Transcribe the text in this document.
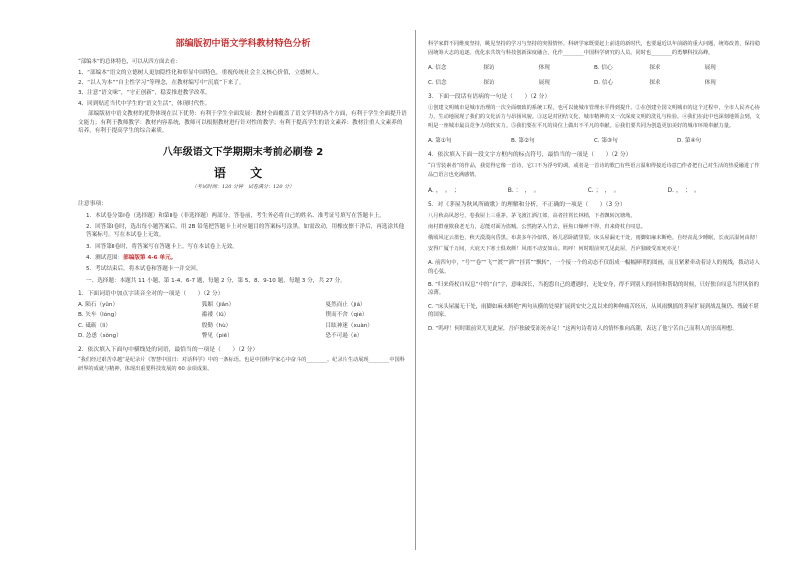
部编版初中语文学科教材特色分析

“部编本”的总体特色，可以从四方面去看：

1、“部编本”语文的立德树人更加隐性化和彰显中国特色，重视传统社会主义核心价值，立德树人。

2、“以人为本”“自主性学习”等理念，在教材编写中“沉底”下来了。

3、注意“语文味”，“守正创新”，稳妥推进教学改革。

4、回到贴近当代中学生的“语文生活”，体现时代性。

部编版初中语文教材的优势体现在以下优势：有利于学生全面发展：教材全面覆盖了语文学科的各个方面，有利于学生全面提升语文能力；有利于教师教学：教材内容系统，教师可以根据教材进行针对性的教学；有利于提高学生的语文素养：教材注重人文素养的培养，有利于提高学生的综合素质。

八年级语文下学期期末考前必刷卷 2

语 文

（考试时间：120 分钟　试卷满分：120 分）

注意事项：

1．本试卷分第Ⅰ卷（选择题）和第Ⅱ卷（非选择题）两部分。答卷前，考生务必将自己的姓名、准考证号填写在答题卡上。

2．回答第Ⅰ卷时，选出每小题答案后，用 2B 铅笔把答题卡上对应题目的答案标号涂黑。如需改动，用橡皮擦干净后，再选涂其他答案标号。写在本试卷上无效。

3．回答第Ⅱ卷时，将答案写在答题卡上。写在本试卷上无效。

4．测试范围：部编版第 4-6 单元。

5．考试结束后，将本试卷和答题卡一并交回。

一、选择题：本题共 11 小题，第 1-4、6-7 题，每题 2 分，第 5、8、9-10 题，每题 3 分，共 27 分。

1．下面词语中加点字读音全对的一项是（　　）（2 分）

A. 陨石（yǔn）	狐媚（jiǎn）	戛然而止（jiá）
B. 矢车（lóng）	褴褛（lǔ）	锲而不舍（qiè）
C. 砥砺（lì）	殷勤（hù）	目眩神迷（xuàn）
D. 怂恿（sǒng）	瞥见（piē）	恐不可遏（è）

2．依次填入下面句中横线处的词语，最恰当的一项是（　　）（2 分）

“我们经过艰苦卓越”是纪录片《智慧中国日：对话科学》中的一条标语。也是中国科学家心中奋斗的________。纪录片生动展现________中国科研界的成就与精神，体现出重要科技发展的 60 余项成果。

科学家群不同维度坚持，眺见坚持的学习与坚持的突围情怀。科研学家既要赶上前进的新时代，也要逼近以年前路的重大问题，统筹改善，保持稳固统筹大志的追逐。优化求共筑与科技创新深度融合，化作________中国科学研究的人员。同时也________的勇攀科技高峰。

A. 信念	探访	体现	B. 信心	探求	展现
C. 信念	探访	展现	D. 信心	探求	体现

3．下面一段话有语病的一句是（　　）（2 分）

①创建文明城市是城市治理的一次全面细致的系统工程，也可以使城市管理水平得到提升。②在创建全国文明城市的这个过程中，全市人民齐心协力，生动地展现了我们的文化活力与昂扬风貌。③这是对团结文化、城市精神的又一次深度文明的洗礼与检验。④我们在此中也深刻地领会到，文明是一座城市最具竞争力的软实力。⑤我们要在平凡的岗位上做出不平凡的奉献。⑥我们要共同为创造更加美好的城市环境奉献力量。

A. 第①句	B. 第②句	C. 第③句	D. 第④句

4．依次填入下面一段文字方框内的标点符号，最恰当的一项是（　　）（2 分）

“白雪装素者”的作品，我觉得它像一首诗，它口不为浮夸的调，或者是一首诗的歌□有些语言温和得接近诗意□作者把自己对生活的热爱融进了作品□语言也充满感情。

A. ，　。　；	B. ：　，　。	C. ；　，　。	D. ，　；　。

5．对《茅屋为秋风所破歌》的理解和分析，不正确的一项是（　　）（3 分）

八月秋高风怒号，卷我屋上三重茅。茅飞渡江洒江郊，高者挂罥长林梢，下者飘转沉塘坳。

南村群童欺我老无力，忍能对面为盗贼。公然抱茅入竹去，唇焦口燥呼不得，归来倚杖自叹息。

俄顷风定云墨色，秋天漠漠向昏黑。布衾多年冷似铁，娇儿恶卧踏里裂。床头屋漏无干处，雨脚如麻未断绝。自经丧乱少睡眠，长夜沾湿何由彻！

安得广厦千万间，大庇天下寒士俱欢颜！风雨不动安如山。呜呼！何时眼前突兀见此屋，吾庐独破受冻死亦足！

A. 前四句中，“号”“卷”“飞”“渡”“洒”“挂罥”“飘转”，一个接一个的动态不仅组成一幅幅鲜明的图画，而且紧紧牵动着诗人的视线，拨动诗人的心弦。

B. “归来倚杖自叹息”中的“自”字，意味深长，当抱怨自己的遭遇时，无处安身，得不到别人的同情和帮助的时候，只好独自叹息当世风俗的凉薄。

C. “床头屋漏无干处，雨脚如麻未断绝”两句从横的处境扩展到安史之乱以来的种种痛苦经历，从风雨飘摇的茅屋扩展到战乱频仍、残破不堪的国家。

D. “呜呼！何时眼前突兀见此屋，吾庐独破受冻死亦足！”这两句诗将诗人的情怀推向高潮，表达了他宁苦自己而利人的崇高理想。
